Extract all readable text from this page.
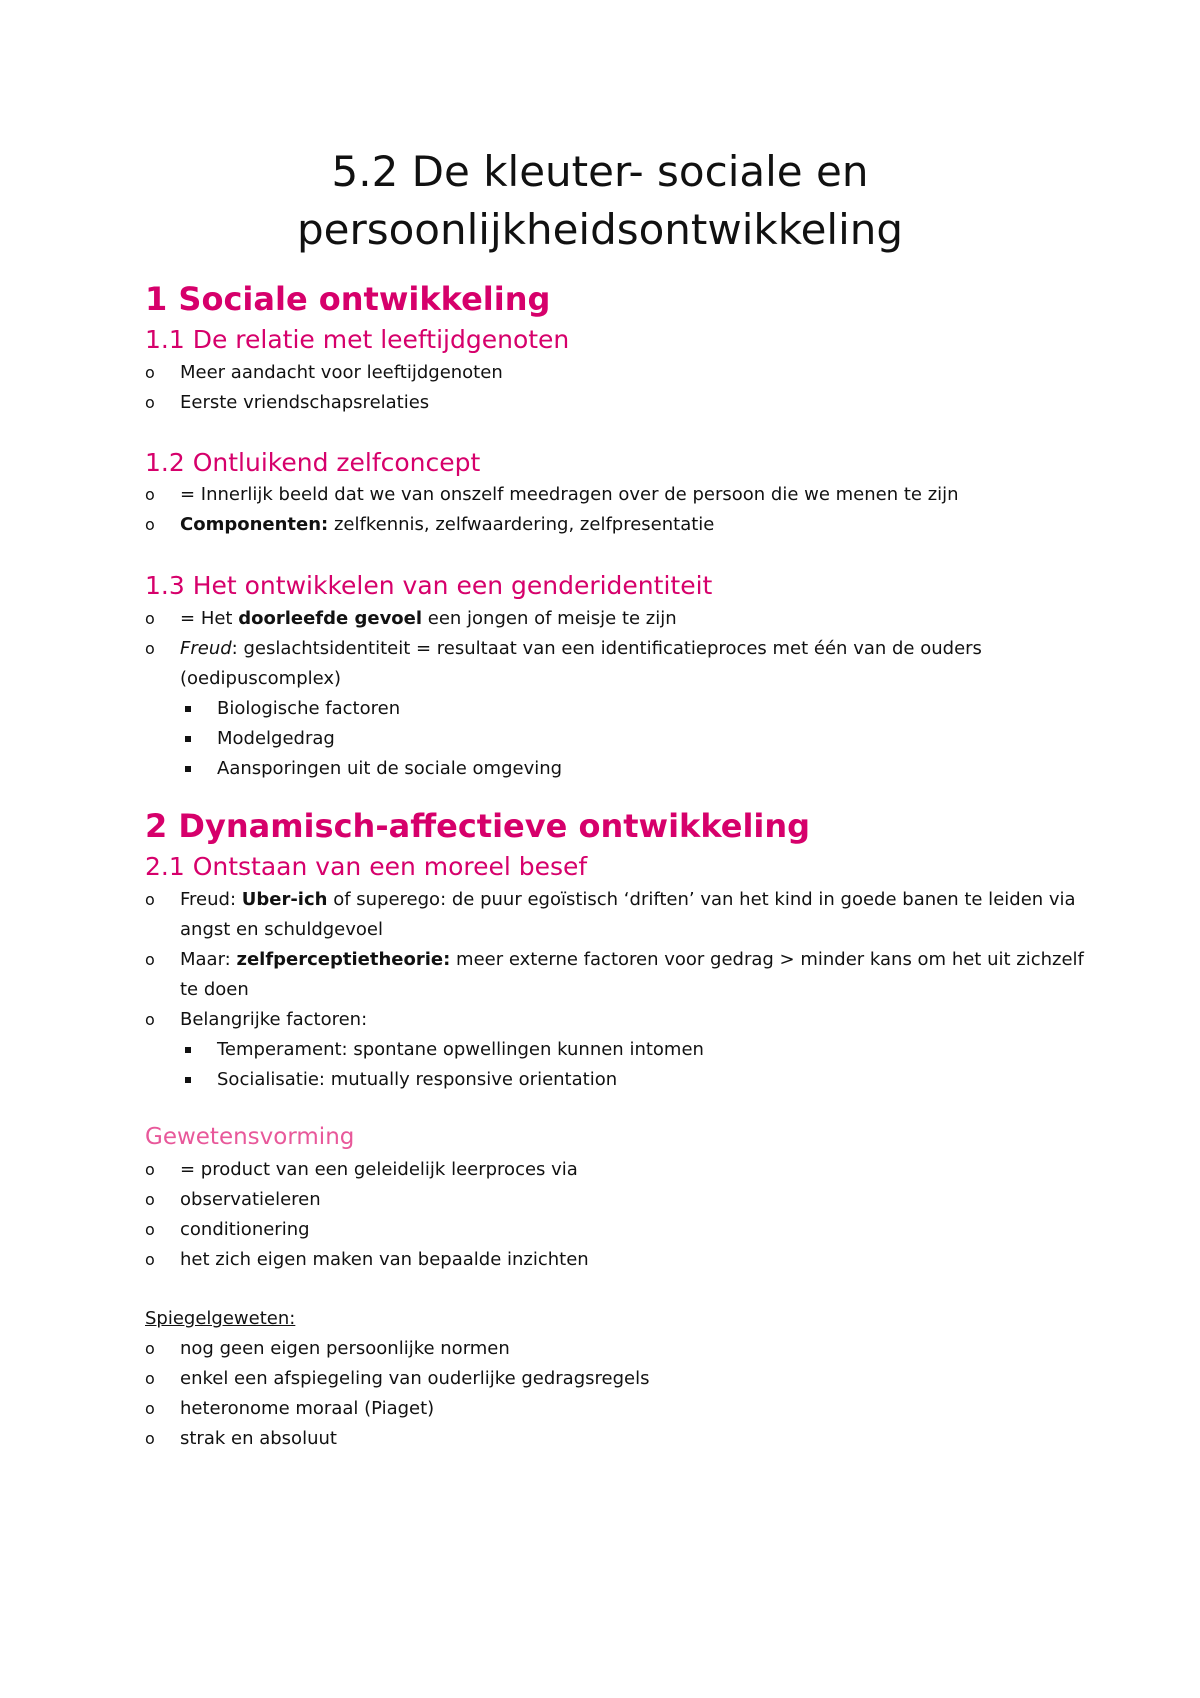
5.2 De kleuter- sociale en
persoonlijkheidsontwikkeling
1 Sociale ontwikkeling
1.1 De relatie met leeftijdgenoten
o Meer aandacht voor leeftijdgenoten
o Eerste vriendschapsrelaties
1.2 Ontluikend zelfconcept
o = Innerlijk beeld dat we van onszelf meedragen over de persoon die we menen te zijn
o Componenten: zelfkennis, zelfwaardering, zelfpresentatie
1.3 Het ontwikkelen van een genderidentiteit
o = Het doorleefde gevoel een jongen of meisje te zijn
o Freud: geslachtsidentiteit = resultaat van een identificatieproces met één van de ouders
(oedipuscomplex)
Biologische factoren
Modelgedrag
Aansporingen uit de sociale omgeving
2 Dynamisch-affectieve ontwikkeling
2.1 Ontstaan van een moreel besef
o Freud: Uber-ich of superego: de puur egoïstisch ‘driften’ van het kind in goede banen te leiden via
angst en schuldgevoel
o Maar: zelfperceptietheorie: meer externe factoren voor gedrag > minder kans om het uit zichzelf
te doen
o Belangrijke factoren:
Temperament: spontane opwellingen kunnen intomen
Socialisatie: mutually responsive orientation
Gewetensvorming
o = product van een geleidelijk leerproces via
o observatieleren
o conditionering
o het zich eigen maken van bepaalde inzichten
Spiegelgeweten:
o nog geen eigen persoonlijke normen
o enkel een afspiegeling van ouderlijke gedragsregels
o heteronome moraal (Piaget)
o strak en absoluut
